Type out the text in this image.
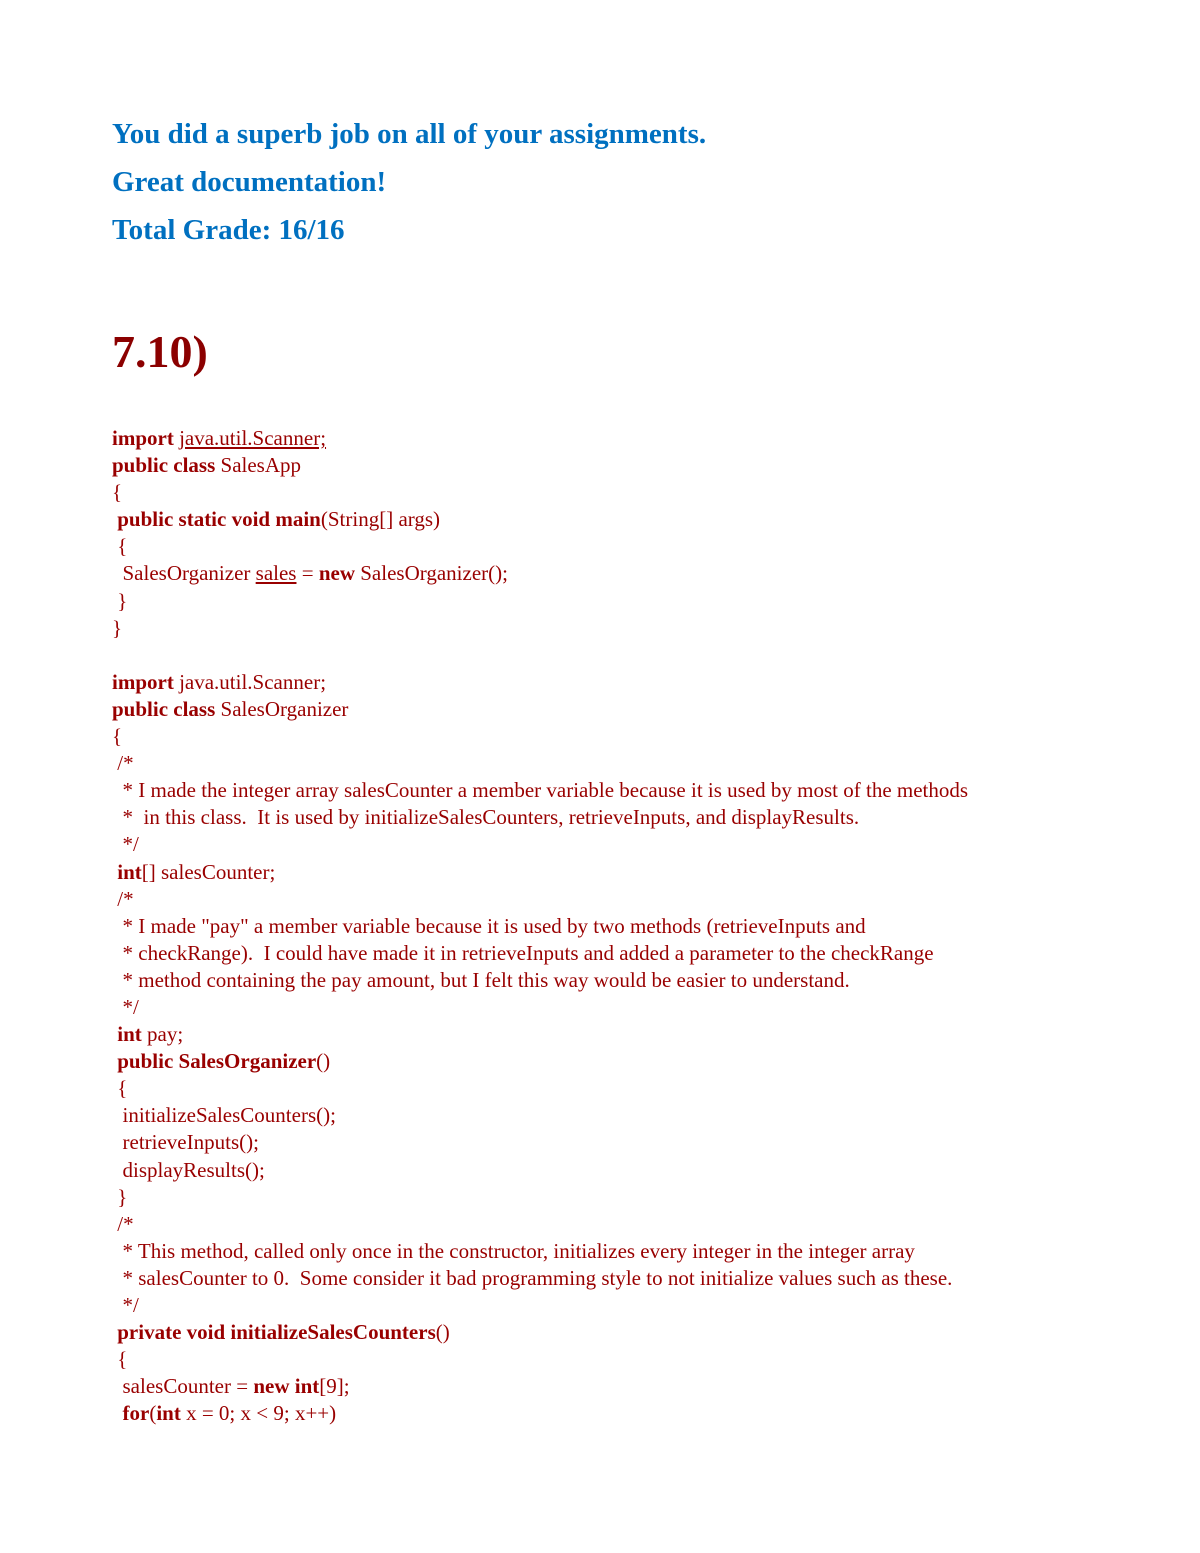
You did a superb job on all of your assignments.
Great documentation!
Total Grade: 16/16
7.10)
import java.util.Scanner;
public class SalesApp
{
public static void main(String[] args)
{
SalesOrganizer sales = new SalesOrganizer();
}
}

import java.util.Scanner;
public class SalesOrganizer
{
/*
* I made the integer array salesCounter a member variable because it is used by most of the methods
*  in this class.  It is used by initializeSalesCounters, retrieveInputs, and displayResults.
*/
int[] salesCounter;
/*
* I made "pay" a member variable because it is used by two methods (retrieveInputs and
* checkRange).  I could have made it in retrieveInputs and added a parameter to the checkRange
* method containing the pay amount, but I felt this way would be easier to understand.
*/
int pay;
public SalesOrganizer()
{
initializeSalesCounters();
retrieveInputs();
displayResults();
}
/*
* This method, called only once in the constructor, initializes every integer in the integer array
* salesCounter to 0.  Some consider it bad programming style to not initialize values such as these.
*/
private void initializeSalesCounters()
{
salesCounter = new int[9];
for(int x = 0; x < 9; x++)
